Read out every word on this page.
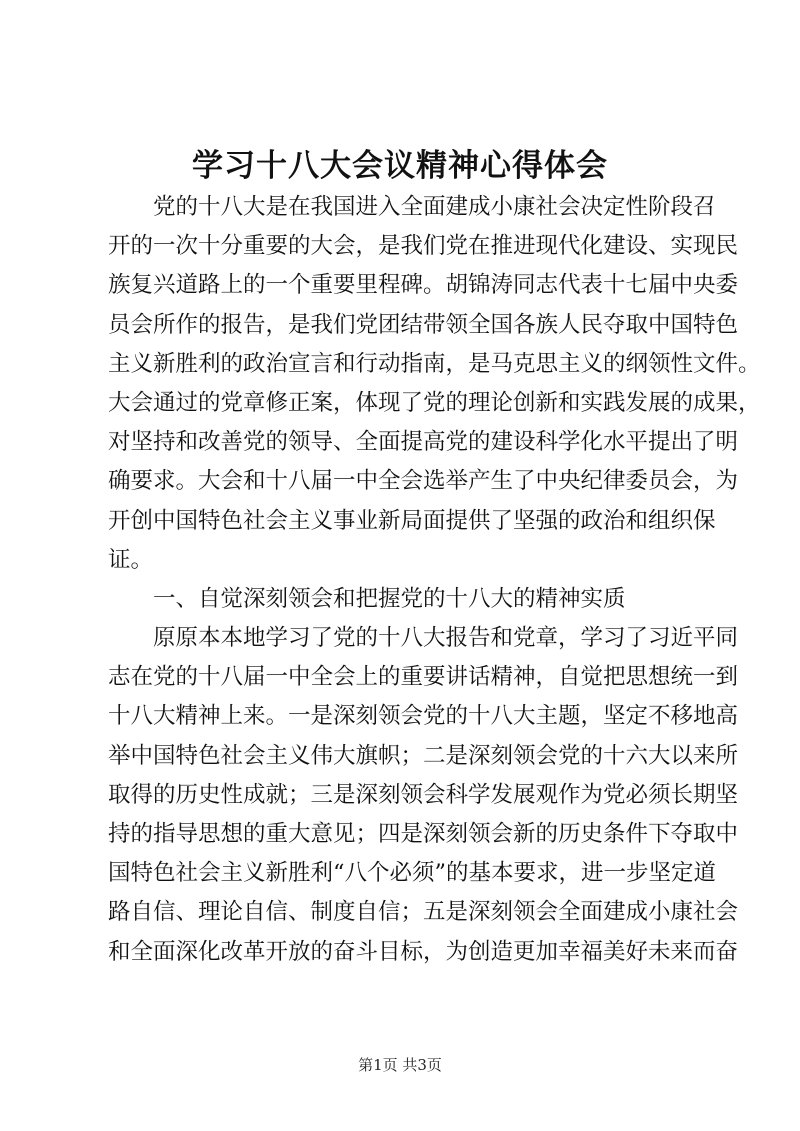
学习十八大会议精神心得体会
党的十八大是在我国进入全面建成小康社会决定性阶段召
开的一次十分重要的大会，是我们党在推进现代化建设、实现民
族复兴道路上的一个重要里程碑。胡锦涛同志代表十七届中央委
员会所作的报告，是我们党团结带领全国各族人民夺取中国特色
主义新胜利的政治宣言和行动指南，是马克思主义的纲领性文件。
大会通过的党章修正案，体现了党的理论创新和实践发展的成果，
对坚持和改善党的领导、全面提高党的建设科学化水平提出了明
确要求。大会和十八届一中全会选举产生了中央纪律委员会，为
开创中国特色社会主义事业新局面提供了坚强的政治和组织保
证。
一、自觉深刻领会和把握党的十八大的精神实质
原原本本地学习了党的十八大报告和党章，学习了习近平同
志在党的十八届一中全会上的重要讲话精神，自觉把思想统一到
十八大精神上来。一是深刻领会党的十八大主题，坚定不移地高
举中国特色社会主义伟大旗帜；二是深刻领会党的十六大以来所
取得的历史性成就；三是深刻领会科学发展观作为党必须长期坚
持的指导思想的重大意见；四是深刻领会新的历史条件下夺取中
国特色社会主义新胜利“八个必须”的基本要求，进一步坚定道
路自信、理论自信、制度自信；五是深刻领会全面建成小康社会
和全面深化改革开放的奋斗目标，为创造更加幸福美好未来而奋
第1页 共3页
